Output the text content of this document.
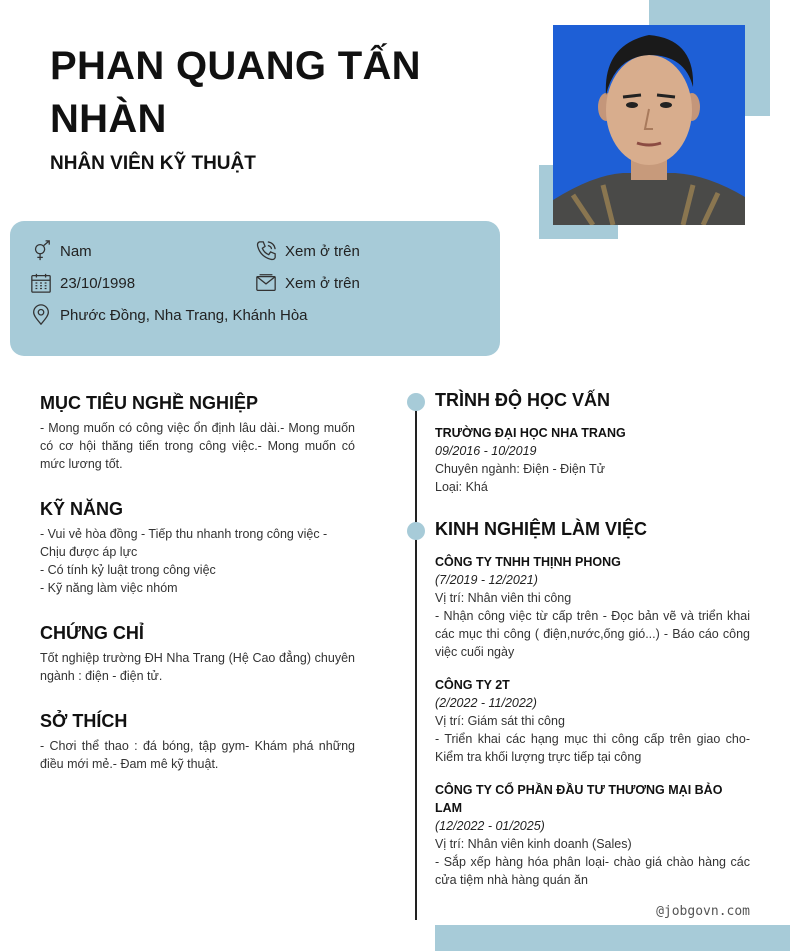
PHAN QUANG TẤN NHÀN
NHÂN VIÊN KỸ THUẬT
Nam
23/10/1998
Phước Đồng, Nha Trang, Khánh Hòa
Xem ở trên
Xem ở trên
MỤC TIÊU NGHỀ NGHIỆP
- Mong muốn có công việc ổn định lâu dài.- Mong muốn có cơ hội thăng tiến trong công việc.- Mong muốn có mức lương tốt.
KỸ NĂNG
- Vui vẻ hòa đồng - Tiếp thu nhanh trong công việc - Chịu được áp lực
- Có tính kỷ luật trong công việc
- Kỹ năng làm việc nhóm
CHỨNG CHỈ
Tốt nghiệp trường ĐH Nha Trang (Hệ Cao đẳng) chuyên ngành : điện - điện tử.
SỞ THÍCH
- Chơi thể thao : đá bóng, tập gym- Khám phá những điều mới mẻ.- Đam mê kỹ thuật.
TRÌNH ĐỘ HỌC VẤN
TRƯỜNG ĐẠI HỌC NHA TRANG
09/2016 - 10/2019
Chuyên ngành: Điện - Điện Tử
Loại: Khá
KINH NGHIỆM LÀM VIỆC
CÔNG TY TNHH THỊNH PHONG
(7/2019 - 12/2021)
Vị trí: Nhân viên thi công
- Nhận công việc từ cấp trên - Đọc bản vẽ và triển khai các mục thi công ( điện,nước,ống gió...) - Báo cáo công việc cuối ngày
CÔNG TY 2T
(2/2022 - 11/2022)
Vị trí: Giám sát thi công
- Triển khai các hạng mục thi công cấp trên giao cho- Kiểm tra khối lượng trực tiếp tại công
CÔNG TY CỔ PHẦN ĐẦU TƯ THƯƠNG MẠI BẢO LAM
(12/2022 - 01/2025)
Vị trí: Nhân viên kinh doanh (Sales)
- Sắp xếp hàng hóa phân loại- chào giá chào hàng các cửa tiệm nhà hàng quán ăn
@jobgovn.com
